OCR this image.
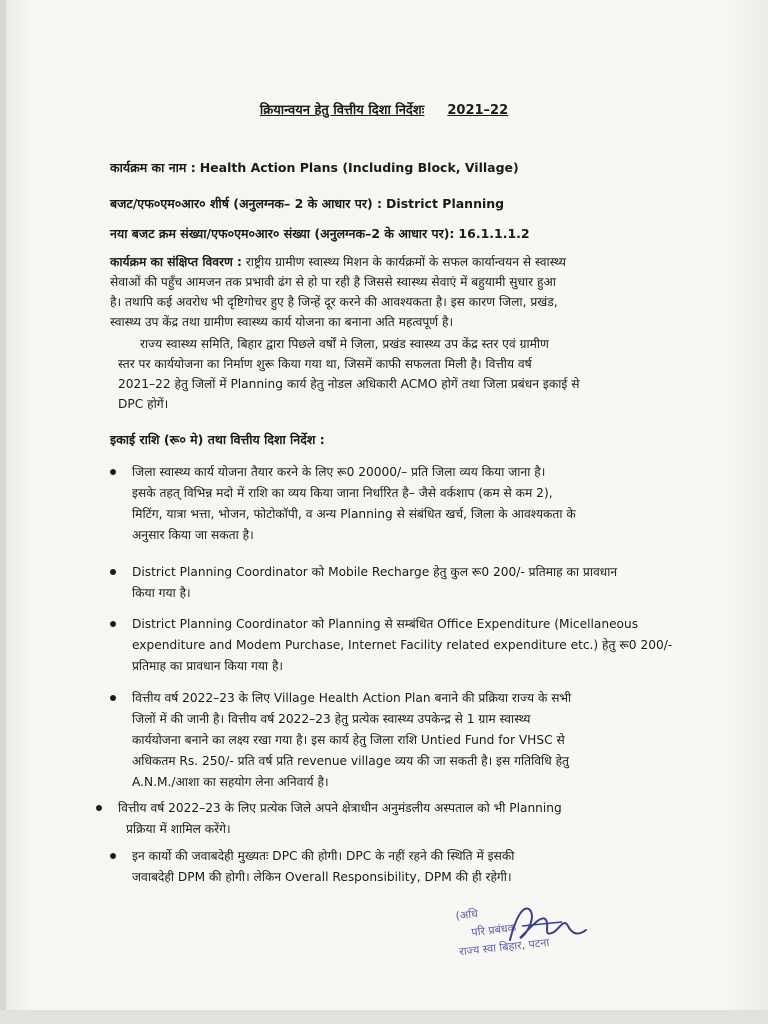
क्रियान्वयन हेतु वित्तीय दिशा निर्देशः 2021–22
कार्यक्रम का नाम : Health Action Plans (Including Block, Village)
बजट/एफ०एम०आर० शीर्ष (अनुलग्नक– 2 के आधार पर) : District Planning
नया बजट क्रम संख्या/एफ०एम०आर० संख्या (अनुलग्नक–2 के आधार पर): 16.1.1.1.2
कार्यक्रम का संक्षिप्त विवरण : राष्ट्रीय ग्रामीण स्वास्थ्य मिशन के कार्यक्रमों के सफल कार्यान्वयन से स्वास्थ्य
सेवाओं की पहुँच आमजन तक प्रभावी ढंग से हो पा रही है जिससे स्वास्थ्य सेवाएं में बहुयामी सुधार हुआ
है। तथापि कई अवरोध भी दृष्टिगोचर हुए है जिन्हें दूर करने की आवश्यकता है। इस कारण जिला, प्रखंड,
स्वास्थ्य उप केंद्र तथा ग्रामीण स्वास्थ्य कार्य योजना का बनाना अति महत्वपूर्ण है।
राज्य स्वास्थ्य समिति, बिहार द्वारा पिछले वर्षों मे जिला, प्रखंड स्वास्थ्य उप केंद्र स्तर एवं ग्रामीण
स्तर पर कार्ययोजना का निर्माण शुरू किया गया था, जिसमें काफी सफलता मिली है। वित्तीय वर्ष
2021–22 हेतु जिलों में Planning कार्य हेतु नोडल अधिकारी ACMO होगें तथा जिला प्रबंधन इकाई से
DPC होगें।
इकाई राशि (रू० मे) तथा वित्तीय दिशा निर्देश :
जिला स्वास्थ्य कार्य योजना तैयार करने के लिए रू0 20000/– प्रति जिला व्यय किया जाना है।
इसके तहत् विभिन्न मदो में राशि का व्यय किया जाना निर्धारित है– जैसे वर्कशाप (कम से कम 2),
मिटिंग, यात्रा भत्ता, भोजन, फोटोकॉपी, व अन्य Planning से संबंधित खर्च, जिला के आवश्यकता के
अनुसार किया जा सकता है।
District Planning Coordinator को Mobile Recharge हेतु कुल रू0 200/- प्रतिमाह का प्रावधान
किया गया है।
District Planning Coordinator को Planning से सम्बंधित Office Expenditure (Micellaneous
expenditure and Modem Purchase, Internet Facility related expenditure etc.) हेतु रू0 200/-
प्रतिमाह का प्रावधान किया गया है।
वित्तीय वर्ष 2022–23 के लिए Village Health Action Plan बनाने की प्रक्रिया राज्य के सभी
जिलों में की जानी है। वित्तीय वर्ष 2022–23 हेतु प्रत्येक स्वास्थ्य उपकेन्द्र से 1 ग्राम स्वास्थ्य
कार्ययोजना बनाने का लक्ष्य रखा गया है। इस कार्य हेतु जिला राशि Untied Fund for VHSC से
अधिकतम Rs. 250/- प्रति वर्ष प्रति revenue village व्यय की जा सकती है। इस गतिविधि हेतु
A.N.M./आशा का सहयोग लेना अनिवार्य है।
वित्तीय वर्ष 2022–23 के लिए प्रत्येक जिले अपने क्षेत्राधीन अनुमंडलीय अस्पताल को भी Planning
प्रक्रिया में शामिल करेंगे।
इन कार्यो की जवाबदेही मुख्यतः DPC की होगी। DPC के नहीं रहने की स्थिति में इसकी
जवाबदेही DPM की होगी। लेकिन Overall Responsibility, DPM की ही रहेगी।
(अधि
परि प्रबंधक
राज्य स्वा बिहार, पटना
